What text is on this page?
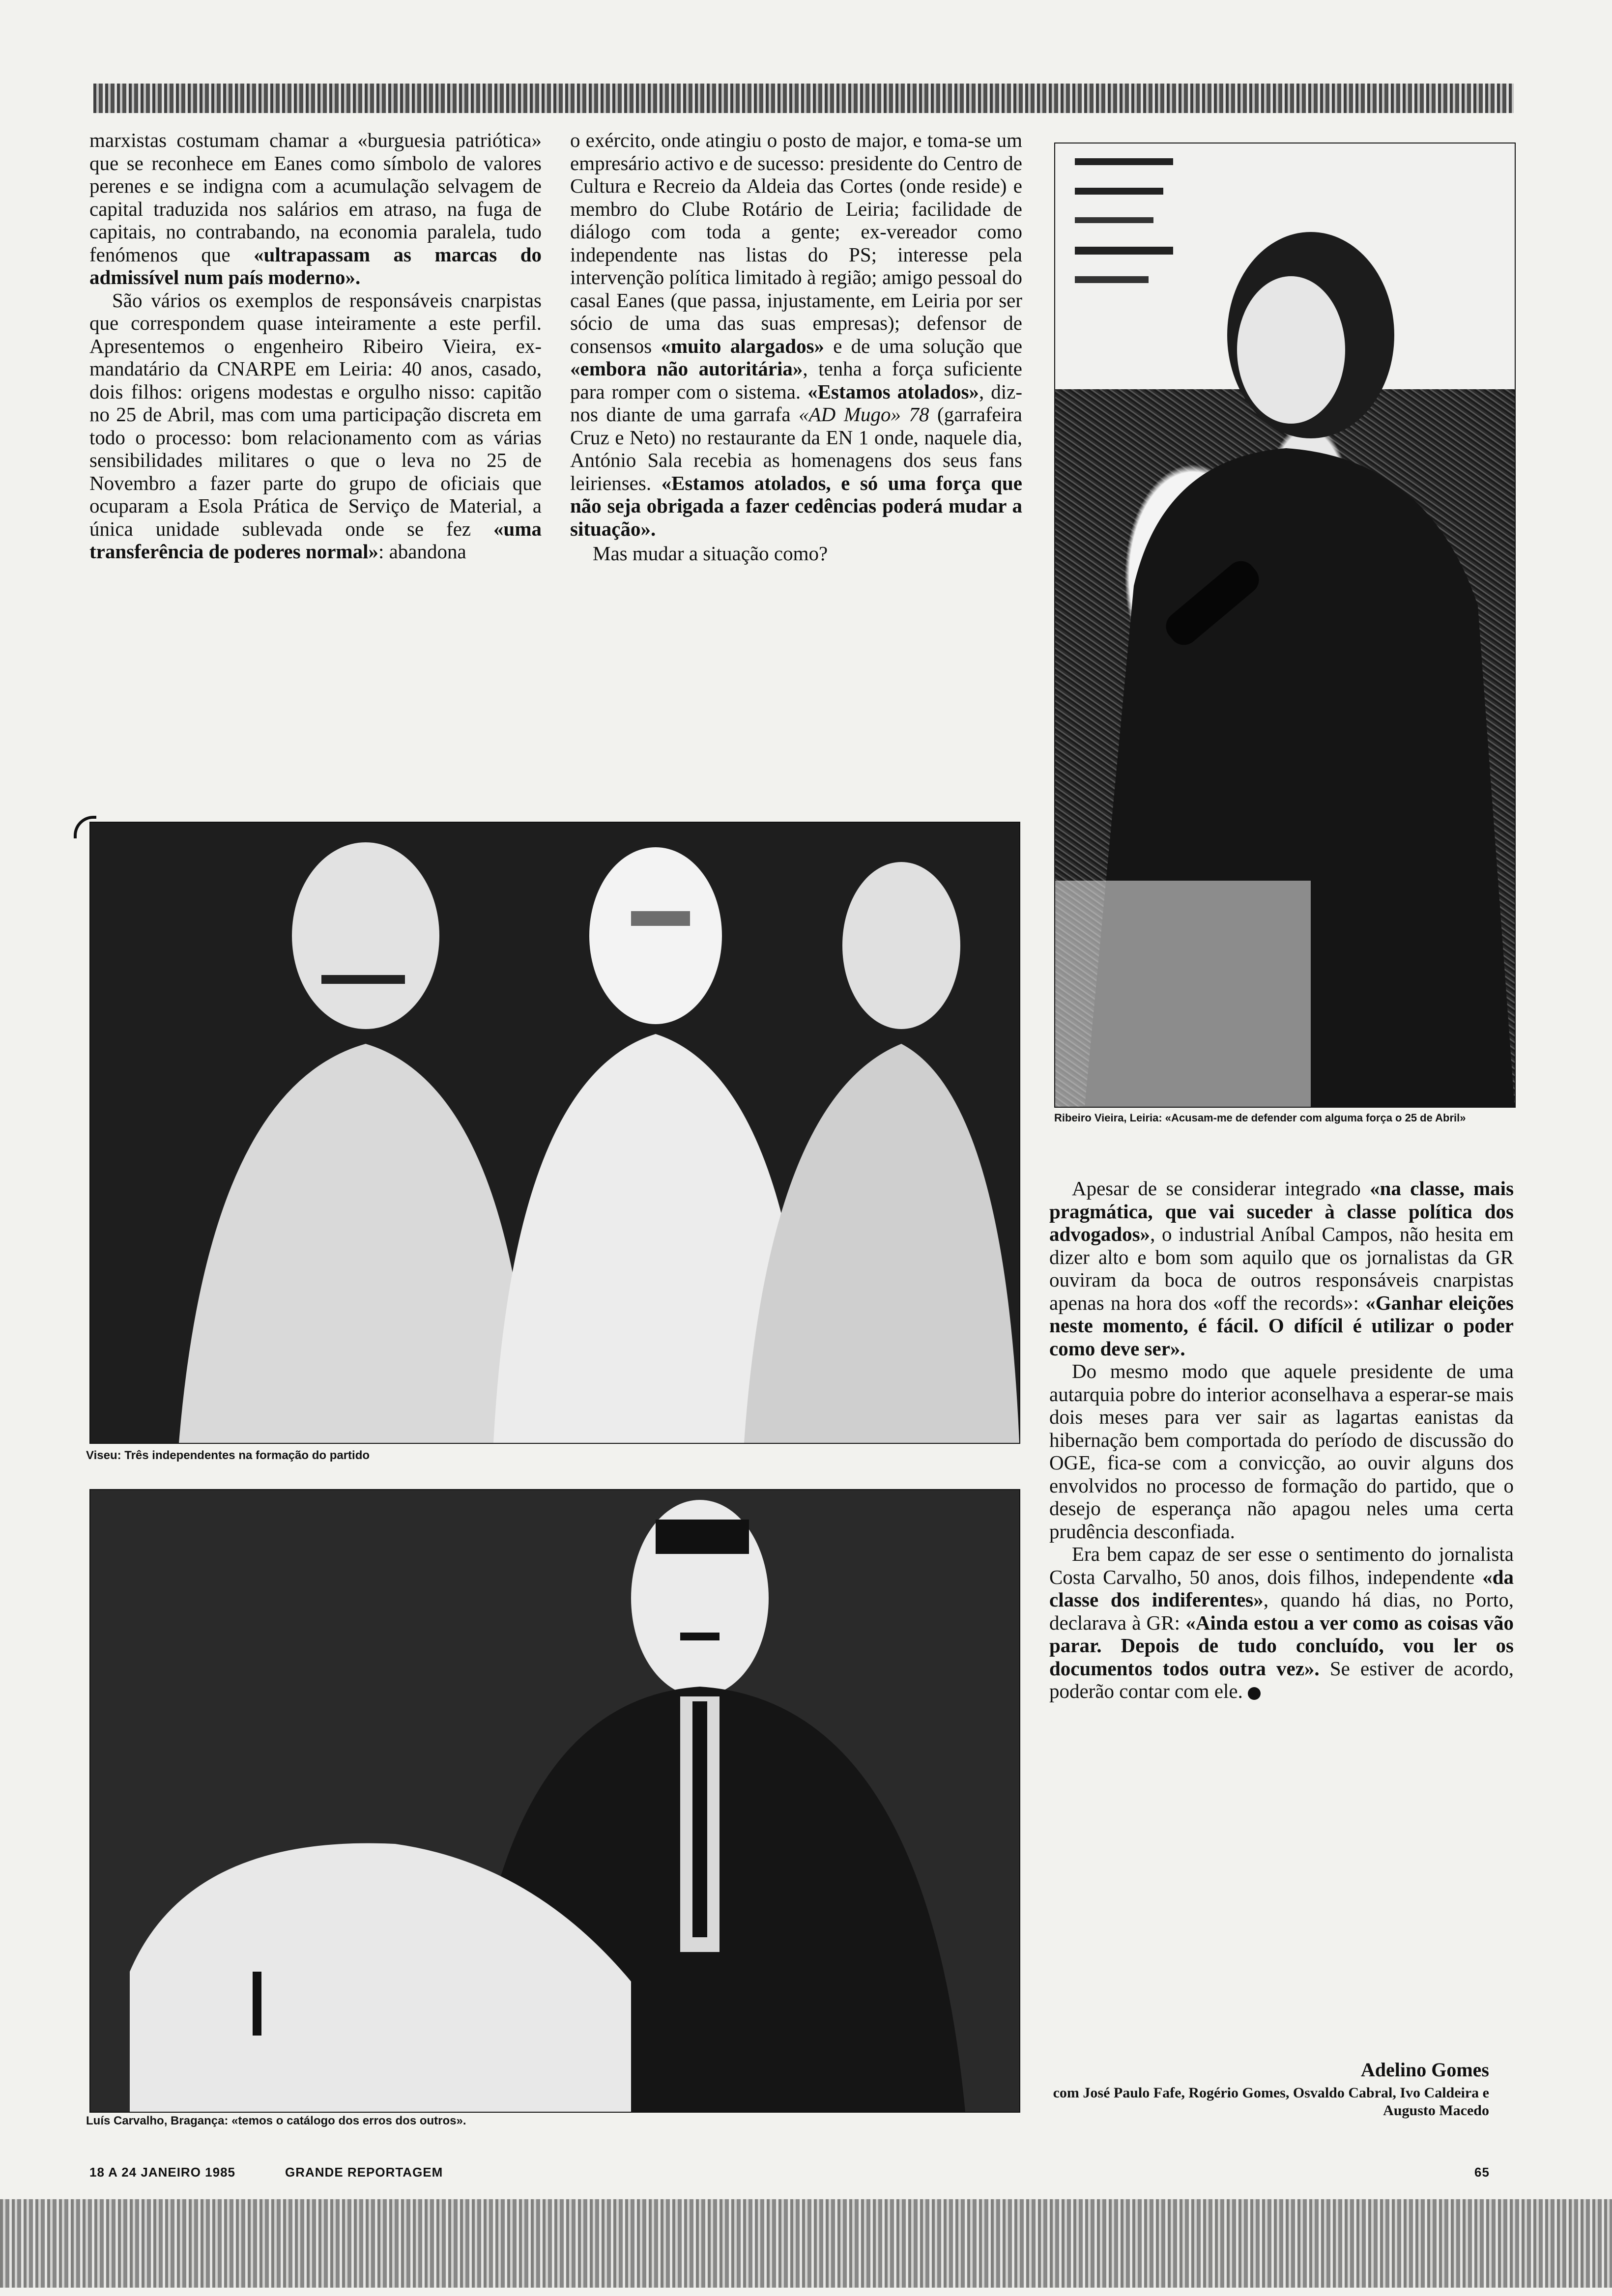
marxistas costumam chamar a «burguesia patriótica» que se reconhece em Eanes como símbolo de valores perenes e se indigna com a acumulação selvagem de capital traduzida nos salários em atraso, na fuga de capitais, no contrabando, na economia paralela, tudo fenómenos que «ultrapassam as marcas do admissível num país moderno».

São vários os exemplos de responsáveis cnarpistas que correspondem quase inteiramente a este perfil. Apresentemos o engenheiro Ribeiro Vieira, ex-mandatário da CNARPE em Leiria: 40 anos, casado, dois filhos: origens modestas e orgulho nisso: capitão no 25 de Abril, mas com uma participação discreta em todo o processo: bom relacionamento com as várias sensibilidades militares o que o leva no 25 de Novembro a fazer parte do grupo de oficiais que ocuparam a Esola Prática de Serviço de Material, a única unidade sublevada onde se fez «uma transferência de poderes normal»: abandona

o exército, onde atingiu o posto de major, e toma-se um empresário activo e de sucesso: presidente do Centro de Cultura e Recreio da Aldeia das Cortes (onde reside) e membro do Clube Rotário de Leiria; facilidade de diálogo com toda a gente; ex-vereador como independente nas listas do PS; interesse pela intervenção política limitado à região; amigo pessoal do casal Eanes (que passa, injustamente, em Leiria por ser sócio de uma das suas empresas); defensor de consensos «muito alargados» e de uma solução que «embora não autoritária», tenha a força suficiente para romper com o sistema. «Estamos atolados», diz-nos diante de uma garrafa «AD Mugo» 78 (garrafeira Cruz e Neto) no restaurante da EN 1 onde, naquele dia, António Sala recebia as homenagens dos seus fans leirienses. «Estamos atolados, e só uma força que não seja obrigada a fazer cedências poderá mudar a situação».

Mas mudar a situação como?

Ribeiro Vieira, Leiria: «Acusam-me de defender com alguma força o 25 de Abril»
Viseu: Três independentes na formação do partido
Luís Carvalho, Bragança: «temos o catálogo dos erros dos outros».

Apesar de se considerar integrado «na classe, mais pragmática, que vai suceder à classe política dos advogados», o industrial Aníbal Campos, não hesita em dizer alto e bom som aquilo que os jornalistas da GR ouviram da boca de outros responsáveis cnarpistas apenas na hora dos «off the records»: «Ganhar eleições neste momento, é fácil. O difícil é utilizar o poder como deve ser».

Do mesmo modo que aquele presidente de uma autarquia pobre do interior aconselhava a esperar-se mais dois meses para ver sair as lagartas eanistas da hibernação bem comportada do período de discussão do OGE, fica-se com a convicção, ao ouvir alguns dos envolvidos no processo de formação do partido, que o desejo de esperança não apagou neles uma certa prudência desconfiada.

Era bem capaz de ser esse o sentimento do jornalista Costa Carvalho, 50 anos, dois filhos, independente «da classe dos indiferentes», quando há dias, no Porto, declarava à GR: «Ainda estou a ver como as coisas vão parar. Depois de tudo concluído, vou ler os documentos todos outra vez». Se estiver de acordo, poderão contar com ele.

Adelino Gomes
com José Paulo Fafe, Rogério Gomes, Osvaldo Cabral, Ivo Caldeira e Augusto Macedo
18 A 24 JANEIRO 1985	GRANDE REPORTAGEM	65
